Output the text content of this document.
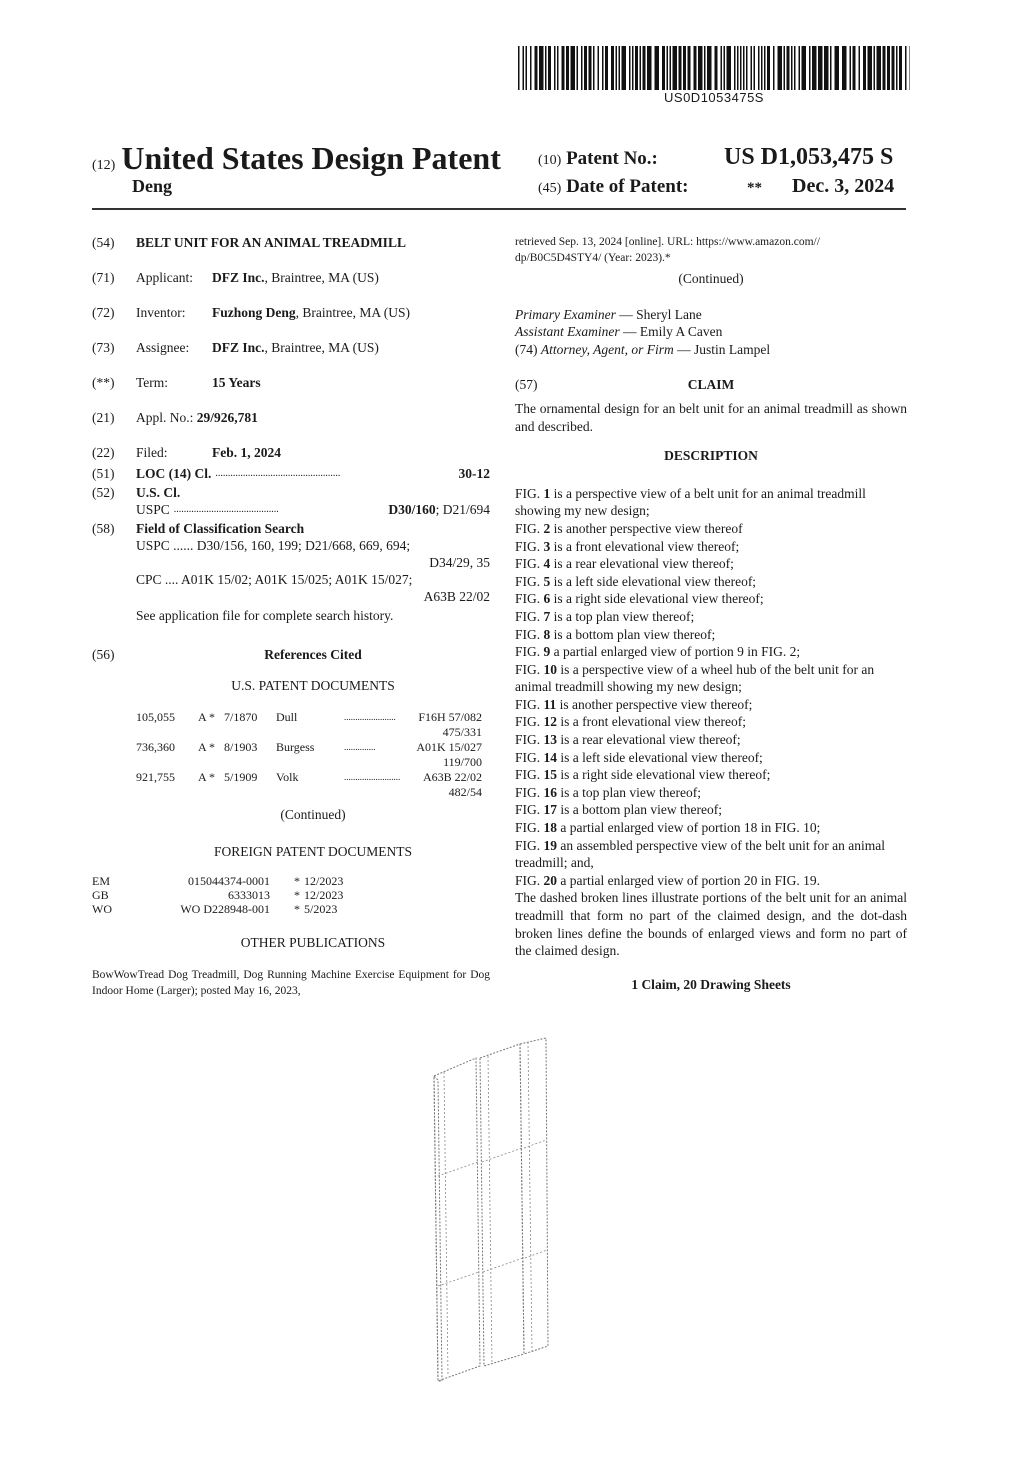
US0D1053475S
(12) United States Design Patent
Deng
(10) Patent No.:	US D1,053,475 S
(45) Date of Patent:	** Dec. 3, 2024
(54)	BELT UNIT FOR AN ANIMAL TREADMILL
(71)	Applicant: DFZ Inc., Braintree, MA (US)
(72)	Inventor: Fuzhong Deng, Braintree, MA (US)
(73)	Assignee: DFZ Inc., Braintree, MA (US)
(**)	Term:	15 Years
(21)	Appl. No.: 29/926,781
(22)	Filed:	Feb. 1, 2024
(51)	LOC (14) Cl. ..................................................	30-12
(52)	U.S. Cl.
USPC ..........................................	D30/160 ; D21/694
(58)	Field of Classification Search
USPC ...... D30/156, 160, 199; D21/668, 669, 694;
D34/29, 35
CPC .... A01K 15/02; A01K 15/025; A01K 15/027;
A63B 22/02
See application file for complete search history.
(56)	References Cited
U.S. PATENT DOCUMENTS
105,055	A * 7/1870	Dull	.......................	F16H 57/082
475/331
736,360	A * 8/1903	Burgess	..............	A01K 15/027
119/700
921,755	A * 5/1909	Volk	.........................	A63B 22/02
482/54
(Continued)
FOREIGN PATENT DOCUMENTS
EM	015044374-0001	* 12/2023
GB	6333013	* 12/2023
WO	WO D228948-001	* 5/2023
OTHER PUBLICATIONS
BowWowTread Dog Treadmill, Dog Running Machine Exercise Equipment for Dog Indoor Home (Larger); posted May 16, 2023,
retrieved Sep. 13, 2024 [online]. URL: https://www.amazon.com// dp/B0C5D4STY4/ (Year: 2023).*
(Continued)
Primary Examiner — Sheryl Lane
Assistant Examiner — Emily A Caven
(74) Attorney, Agent, or Firm — Justin Lampel
(57)	CLAIM
The ornamental design for an belt unit for an animal treadmill as shown and described.
DESCRIPTION
FIG. 1 is a perspective view of a belt unit for an animal treadmill showing my new design;
FIG. 2 is another perspective view thereof
FIG. 3 is a front elevational view thereof;
FIG. 4 is a rear elevational view thereof;
FIG. 5 is a left side elevational view thereof;
FIG. 6 is a right side elevational view thereof;
FIG. 7 is a top plan view thereof;
FIG. 8 is a bottom plan view thereof;
FIG. 9 a partial enlarged view of portion 9 in FIG. 2;
FIG. 10 is a perspective view of a wheel hub of the belt unit for an animal treadmill showing my new design;
FIG. 11 is another perspective view thereof;
FIG. 12 is a front elevational view thereof;
FIG. 13 is a rear elevational view thereof;
FIG. 14 is a left side elevational view thereof;
FIG. 15 is a right side elevational view thereof;
FIG. 16 is a top plan view thereof;
FIG. 17 is a bottom plan view thereof;
FIG. 18 a partial enlarged view of portion 18 in FIG. 10;
FIG. 19 an assembled perspective view of the belt unit for an animal treadmill; and,
FIG. 20 a partial enlarged view of portion 20 in FIG. 19.
The dashed broken lines illustrate portions of the belt unit for an animal treadmill that form no part of the claimed design, and the dot-dash broken lines define the bounds of enlarged views and form no part of the claimed design.
1 Claim, 20 Drawing Sheets
